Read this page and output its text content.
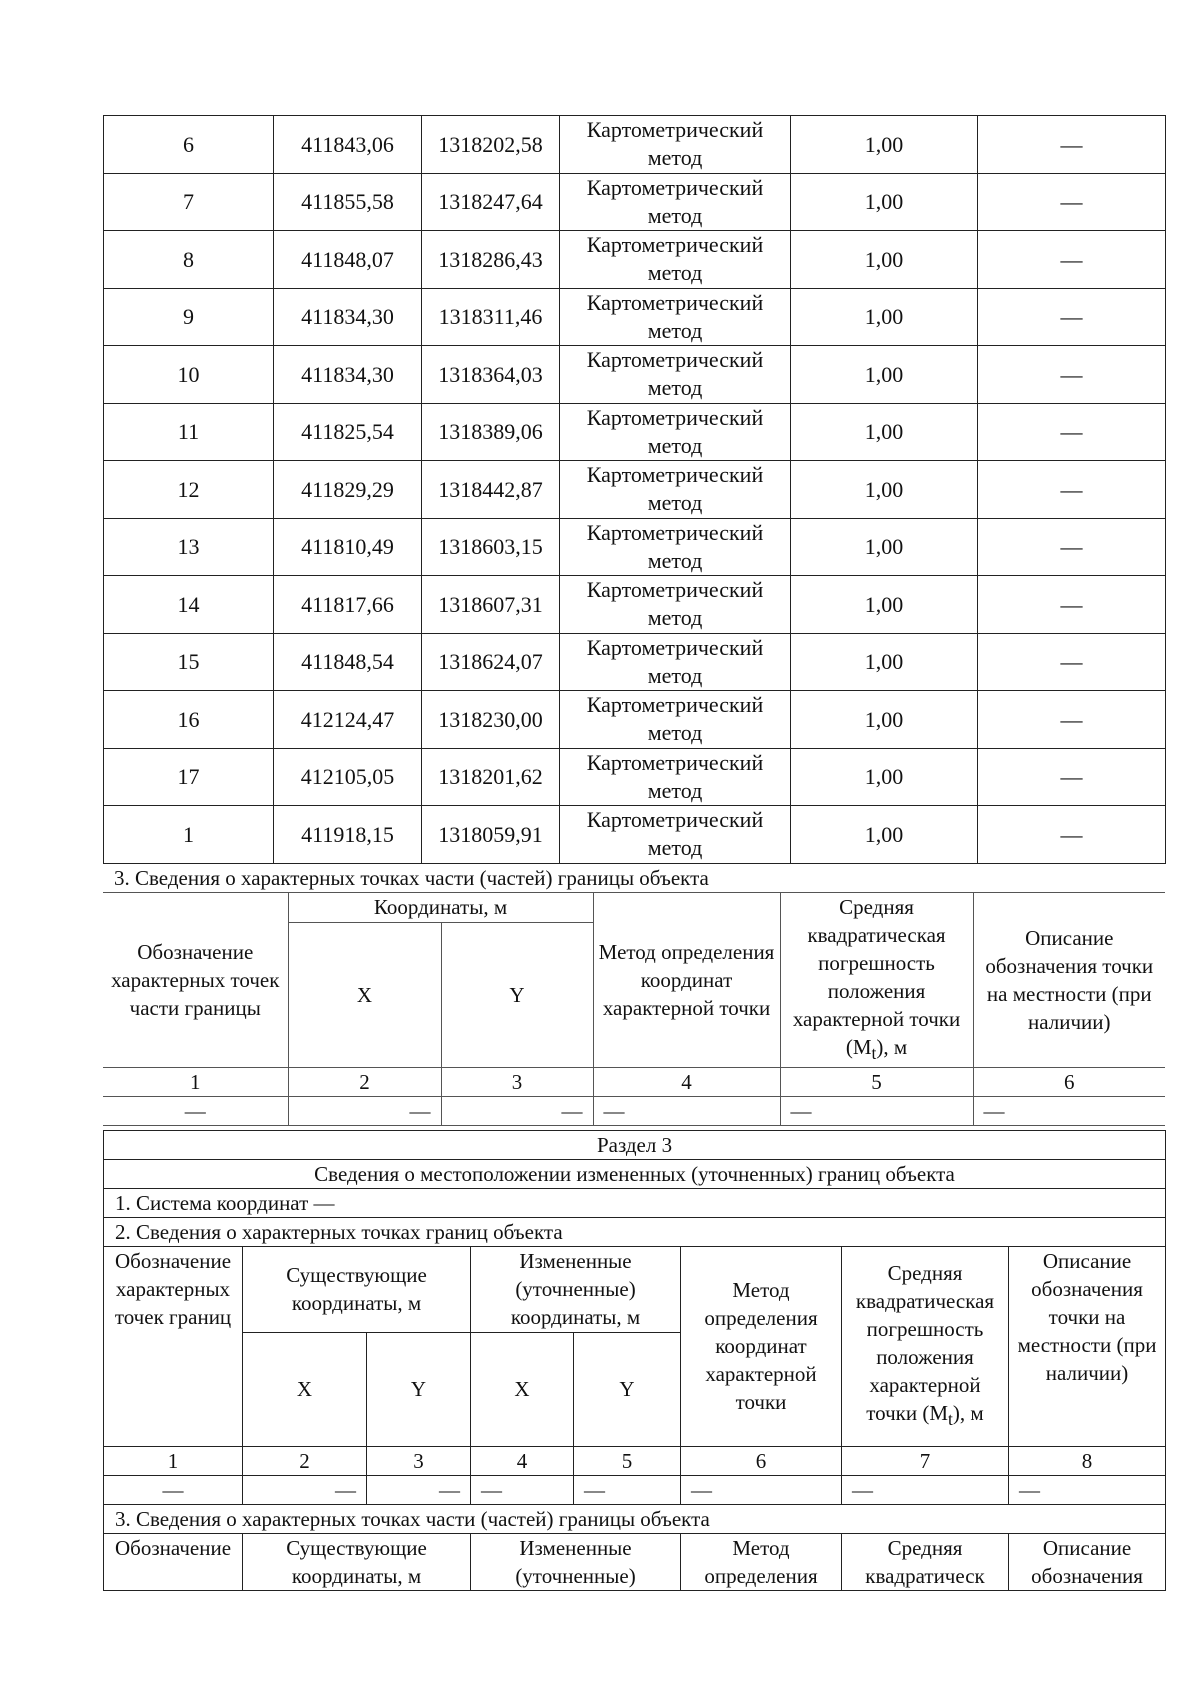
6	411843,06	1318202,58	Картометрический метод	1,00	—
7	411855,58	1318247,64	Картометрический метод	1,00	—
8	411848,07	1318286,43	Картометрический метод	1,00	—
9	411834,30	1318311,46	Картометрический метод	1,00	—
10	411834,30	1318364,03	Картометрический метод	1,00	—
11	411825,54	1318389,06	Картометрический метод	1,00	—
12	411829,29	1318442,87	Картометрический метод	1,00	—
13	411810,49	1318603,15	Картометрический метод	1,00	—
14	411817,66	1318607,31	Картометрический метод	1,00	—
15	411848,54	1318624,07	Картометрический метод	1,00	—
16	412124,47	1318230,00	Картометрический метод	1,00	—
17	412105,05	1318201,62	Картометрический метод	1,00	—
1	411918,15	1318059,91	Картометрический метод	1,00	—
3. Сведения о характерных точках части (частей) границы объекта
Обозначение характерных точек части границы	Координаты, м		Метод определения координат характерной точки	Средняя квадратическая погрешность положения характерной точки $(M_t)$, м	Описание обозначения точки на местности (при наличии)
	X	Y			
1	2	3	4	5	6
—	—	—	—	—	—
Раздел 3							
Сведения о местоположении измененных (уточненных) границ объекта							
1. Система координат —							
2. Сведения о характерных точках границ объекта							
Обозначение характерных точек границ	Существующие координаты, м		Измененные (уточненные) координаты, м		Метод определения координат характерной точки	Средняя квадратическая погрешность положения характерной точки $(M_t)$, м	Описание обозначения точки на местности (при наличии)
	X	Y	X	Y			
1	2	3	4	5	6	7	8
—	—	—	—	—	—	—	—
3. Сведения о характерных точках части (частей) границы объекта							
Обозначение	Существующие координаты, м		Измененные (уточненные)		Метод определения	Средняя квадратическ	Описание обозначения
